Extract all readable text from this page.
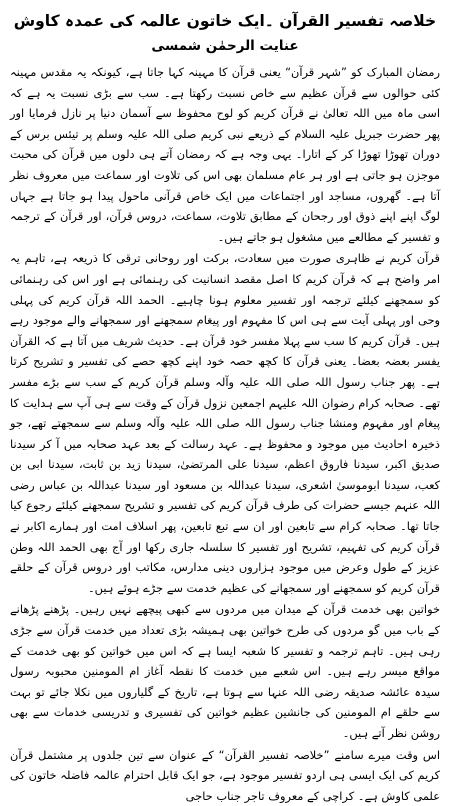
خلاصہ تفسیر القرآن ۔ایک خاتون عالمہ کی عمدہ کاوش
عنایت الرحمٰن شمسی

رمضان المبارک کو ”شہر قرآن“ یعنی قرآن کا مہینہ کہا جاتا ہے، کیونکہ یہ مقدس مہینہ کئی حوالوں سے قرآن عظیم سے خاص نسبت رکھتا ہے۔ سب سے بڑی نسبت یہ ہے کہ اسی ماہ میں اللہ تعالیٰ نے قرآن کریم کو لوح محفوظ سے آسمان دنیا پر نازل فرمایا اور پھر حضرت جبریل علیہ السلام کے ذریعے نبی کریم صلی اللہ علیہ وسلم پر تیئس برس کے دوران تھوڑا تھوڑا کر کے اتارا۔ یہی وجہ ہے کہ رمضان آتے ہی دلوں میں قرآن کی محبت موجزن ہو جاتی ہے اور ہر عام مسلمان بھی اس کی تلاوت اور سماعت میں معروف نظر آتا ہے۔ گھروں، مساجد اور اجتماعات میں ایک خاص قرآنی ماحول پیدا ہو جاتا ہے جہاں لوگ اپنے اپنے ذوق اور رجحان کے مطابق تلاوت، سماعت، دروس قرآن، اور قرآن کے ترجمہ و تفسیر کے مطالعے میں مشغول ہو جاتے ہیں۔

قرآن کریم نے ظاہری صورت میں سعادت، برکت اور روحانی ترقی کا ذریعہ ہے، تاہم یہ امر واضح ہے کہ قرآن کریم کا اصل مقصد انسانیت کی رہنمائی ہے اور اس کی رہنمائی کو سمجھنے کیلئے ترجمہ اور تفسیر معلوم ہونا چاہیے۔ الحمد اللہ قرآن کریم کی پہلی وحی اور پہلی آیت سے ہی اس کا مفہوم اور پیغام سمجھنے اور سمجھانے والے موجود رہے ہیں۔ قرآن کریم کا سب سے پہلا مفسر خود قرآن ہے۔ حدیث شریف میں آتا ہے کہ القرآن یفسر بعضہ بعضا۔ یعنی قرآن کا کچھ حصہ خود اپنے کچھ حصے کی تفسیر و تشریح کرتا ہے۔ پھر جناب رسول اللہ صلی اللہ علیہ وآلہ وسلم قرآن کریم کے سب سے بڑے مفسر تھے۔ صحابہ کرام رضوان اللہ علیہم اجمعین نزول قرآن کے وقت سے ہی آپ سے ہدایت کا پیغام اور مفہوم ومنشا جناب رسول اللہ صلی اللہ علیہ وآلہ وسلم سے سمجھتے تھے، جو ذخیرہ احادیث میں موجود و محفوظ ہے۔ عہد رسالت کے بعد عہد صحابہ میں آ کر سیدنا صدیق اکبر، سیدنا فاروق اعظم، سیدنا علی المرتضیٰ، سیدنا زید بن ثابت، سیدنا ابی بن کعب، سیدنا ابوموسیٰ اشعری، سیدنا عبداللہ بن مسعود اور سیدنا عبداللہ بن عباس رضی اللہ عنہم جیسے حضرات کی طرف قرآن کریم کی تفسیر و تشریح سمجھنے کیلئے رجوع کیا جاتا تھا۔ صحابہ کرام سے تابعین اور ان سے تبع تابعین، پھر اسلاف امت اور ہمارے اکابر نے قرآن کریم کی تفہیم، تشریح اور تفسیر کا سلسلہ جاری رکھا اور آج بھی الحمد اللہ وطن عزیز کے طول وعرض میں موجود ہزاروں دینی مدارس، مکاتب اور دروس قرآن کے حلقے قرآن کریم کو سمجھنے اور سمجھانے کی عظیم خدمت سے جڑے ہوئے ہیں۔

خواتین بھی خدمت قرآن کے میدان میں مردوں سے کبھی پیچھے نہیں رہیں۔ پڑھنے پڑھانے کے باب میں گو مردوں کی طرح خواتین بھی ہمیشہ بڑی تعداد میں خدمت قرآن سے جڑی رہی ہیں۔ تاہم ترجمہ و تفسیر کا شعبہ ایسا ہے کہ اس میں خواتین کو بھی خدمت کے مواقع میسر رہے ہیں۔ اس شعبے میں خدمت کا نقطہ آغاز ام المومنین محبوبہ رسول سیدہ عائشہ صدیقہ رضی اللہ عنہا سے ہوتا ہے، تاریخ کے گلیاروں میں نکلا جائے تو بہت سے حلقے ام المومنین کی جانشین عظیم خواتین کی تفسیری و تدریسی خدمات سے بھی روشن نظر آتے ہیں۔

اس وقت میرے سامنے ”خلاصہ تفسیر القرآن“ کے عنوان سے تین جلدوں پر مشتمل قرآن کریم کی ایک ایسی ہی اردو تفسیر موجود ہے، جو ایک قابل احترام عالمہ فاضلہ خاتون کی علمی کاوش ہے۔ کراچی کے معروف تاجر جناب حاجی
